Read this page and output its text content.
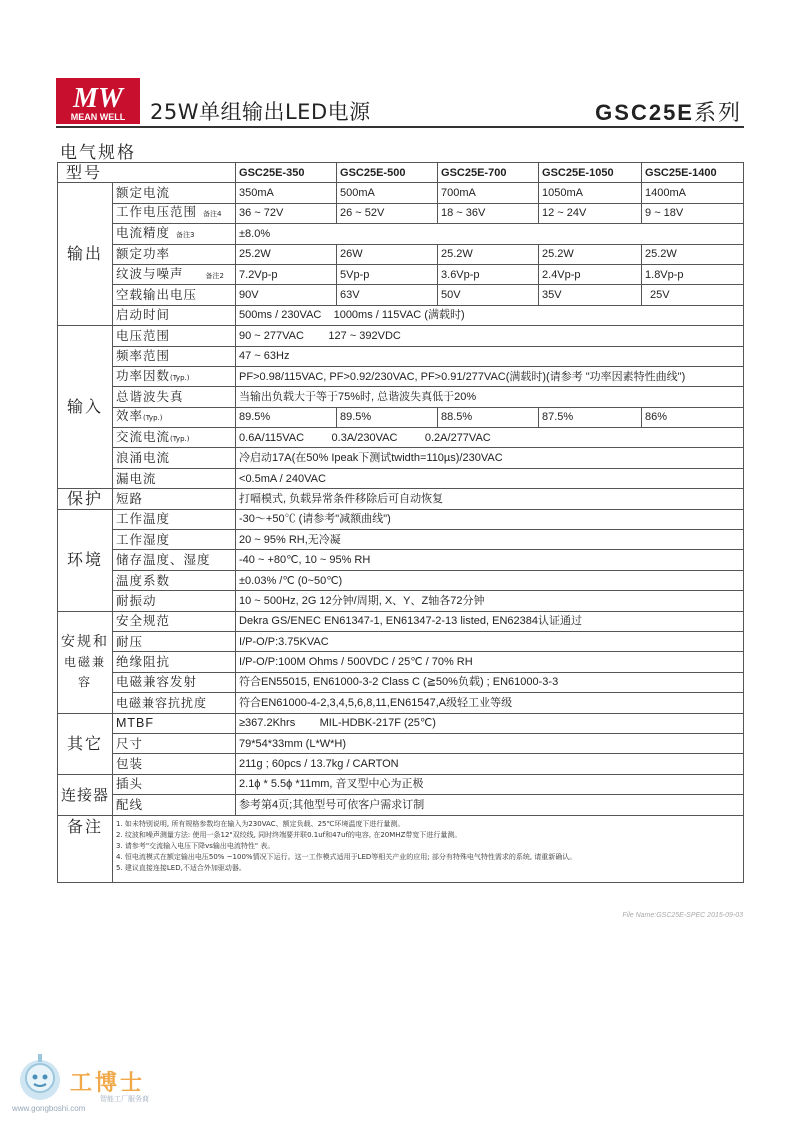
MW
MEAN WELL 25W单组输出LED电源	GSC25E系列
电气规格
型号		GSC25E-350	GSC25E-500	GSC25E-700	GSC25E-1050	GSC25E-1400
输出	额定电流	350mA	500mA	700mA	1050mA	1400mA
	工作电压范围 备注4	36 ~ 72V	26 ~ 52V	18 ~ 36V	12 ~ 24V	9 ~ 18V
	电流精度 备注3	±8.0%				
	额定功率	25.2W	26W	25.2W	25.2W	25.2W
	纹波与噪声 备注2	7.2Vp-p	5Vp-p	3.6Vp-p	2.4Vp-p	1.8Vp-p
	空载输出电压	90V	63V	50V	35V	25V
	启动时间	500ms / 230VAC    1000ms / 115VAC (满载时)				
输入	电压范围	90 ~ 277VAC        127 ~ 392VDC				
	频率范围	47 ~ 63Hz				
	功率因数(Typ.)	PF>0.98/115VAC, PF>0.92/230VAC, PF>0.91/277VAC(满载时)(请参考 "功率因素特性曲线")				
	总谐波失真	当输出负载大于等于75%时, 总谐波失真低于20%				
	效率(Typ.)	89.5%	89.5%	88.5%	87.5%	86%
	交流电流(Typ.)	0.6A/115VAC         0.3A/230VAC         0.2A/277VAC				
	浪涌电流	冷启动17A(在50% Ipeak下测试twidth=110µs)/230VAC				
	漏电流	<0.5mA / 240VAC				
保护	短路	打嗝模式, 负载异常条件移除后可自动恢复				
环境	工作温度	-30〜+50℃ (请参考"减额曲线")				
	工作湿度	20 ~ 95% RH,无冷凝				
	储存温度、湿度	-40 ~ +80℃, 10 ~ 95% RH				
	温度系数	±0.03% /℃ (0~50℃)				
	耐振动	10 ~ 500Hz, 2G 12分钟/周期, X、Y、Z轴各72分钟				
安规和
电磁兼容	安全规范	Dekra GS/ENEC EN61347-1, EN61347-2-13 listed, EN62384认证通过				
	耐压	I/P-O/P:3.75KVAC				
	绝缘阻抗	I/P-O/P:100M Ohms / 500VDC / 25℃ / 70% RH				
	电磁兼容发射	符合EN55015, EN61000-3-2 Class C (≧50%负载) ; EN61000-3-3				
	电磁兼容抗扰度	符合EN61000-4-2,3,4,5,6,8,11,EN61547,A级轻工业等级				
其它	MTBF	≥367.2Khrs        MIL-HDBK-217F (25℃)				
	尺寸	79*54*33mm (L*W*H)				
	包装	211g ; 60pcs / 13.7kg / CARTON				
连接器	插头	2.1ϕ * 5.5ϕ *11mm, 音叉型中心为正极				
	配线	参考第4页;其他型号可依客户需求订制				
备注	1. 如未特别说明, 所有规格参数均在输入为230VAC、额定负载、25℃环境温度下进行量测。
2. 纹波和噪声测量方法: 使用一条12"双绞线, 同时终端要并联0.1uf和47uf的电容, 在20MHZ带宽下进行量测。
3. 请参考"交流输入电压下降vs输出电流特性" 表。
4. 恒电流模式在额定输出电压50% ~100%情况下运行。这一工作模式适用于LED等相关产业的应用; 部分有特殊电气特性需求的系统, 请重新确认。
5. 建议直接连接LED,不适合外加驱动器。					
File Name:GSC25E-SPEC 2015-09-03
工博士
智能工厂服务商
www.gongboshi.com
